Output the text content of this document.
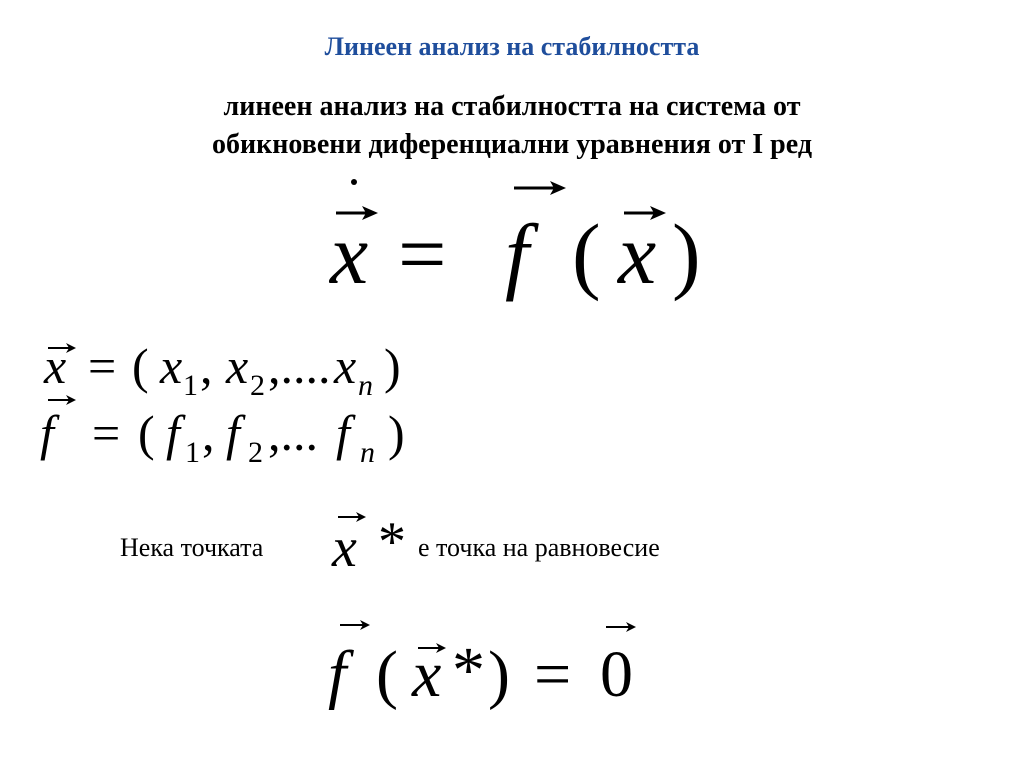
Линеен анализ на стабилността
линеен анализ на стабилността на система от
обикновени диференциални уравнения от I ред
x = f ( x )
x = ( x 1 , x 2 ,.... x n )
f = ( f 1 , f 2 ,... f n )
Нека точката x * е точка на равновесие
f ( x * ) = 0
